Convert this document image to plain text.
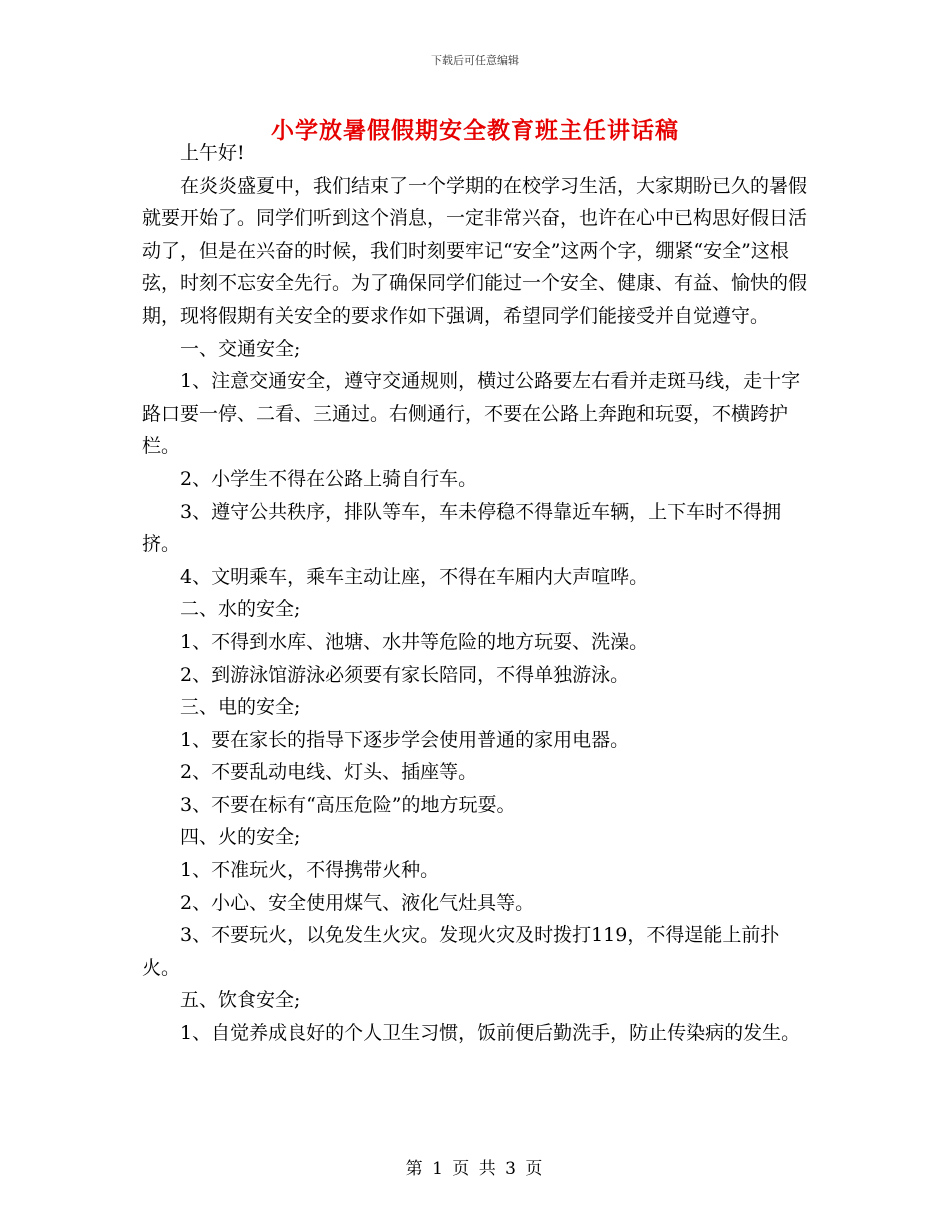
下载后可任意编辑
小学放暑假假期安全教育班主任讲话稿

上午好!

在炎炎盛夏中，我们结束了一个学期的在校学习生活，大家期盼已久的暑假就要开始了。同学们听到这个消息，一定非常兴奋，也许在心中已构思好假日活动了，但是在兴奋的时候，我们时刻要牢记“安全”这两个字，绷紧“安全”这根弦，时刻不忘安全先行。为了确保同学们能过一个安全、健康、有益、愉快的假期，现将假期有关安全的要求作如下强调，希望同学们能接受并自觉遵守。

一、交通安全;

1、注意交通安全，遵守交通规则，横过公路要左右看并走斑马线，走十字路口要一停、二看、三通过。右侧通行，不要在公路上奔跑和玩耍，不横跨护栏。

2、小学生不得在公路上骑自行车。

3、遵守公共秩序，排队等车，车未停稳不得靠近车辆，上下车时不得拥挤。

4、文明乘车，乘车主动让座，不得在车厢内大声喧哗。

二、水的安全;

1、不得到水库、池塘、水井等危险的地方玩耍、洗澡。

2、到游泳馆游泳必须要有家长陪同，不得单独游泳。

三、电的安全;

1、要在家长的指导下逐步学会使用普通的家用电器。

2、不要乱动电线、灯头、插座等。

3、不要在标有“高压危险”的地方玩耍。

四、火的安全;

1、不准玩火，不得携带火种。

2、小心、安全使用煤气、液化气灶具等。

3、不要玩火，以免发生火灾。发现火灾及时拨打119，不得逞能上前扑火。

五、饮食安全;

1、自觉养成良好的个人卫生习惯，饭前便后勤洗手，防止传染病的发生。

第 1 页 共 3 页
